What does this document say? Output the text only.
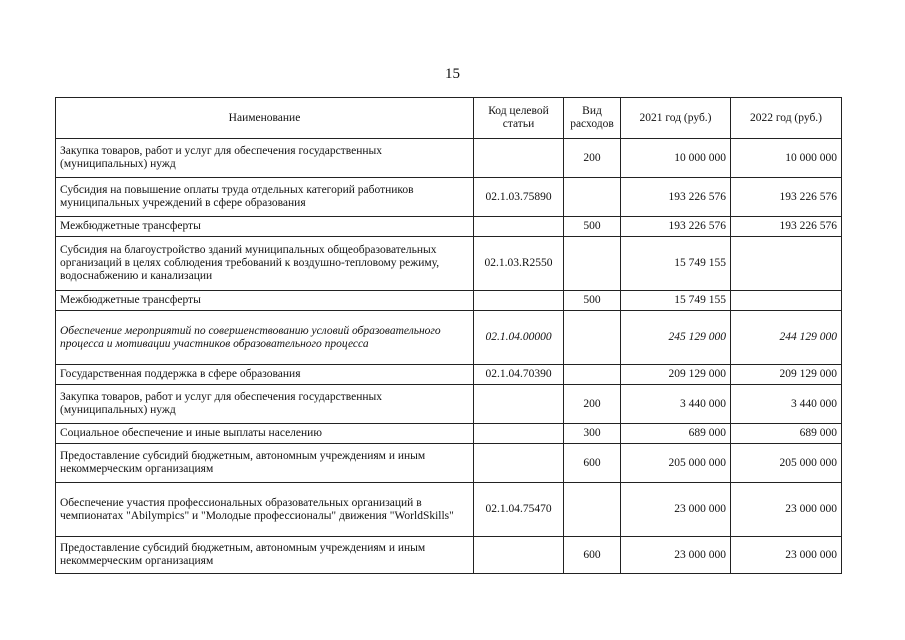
15
Наименование	Код целевой статьи	Вид расходов	2021 год (руб.)	2022 год (руб.)
Закупка товаров, работ и услуг для обеспечения государственных (муниципальных) нужд		200	10 000 000	10 000 000
Субсидия на повышение оплаты труда отдельных категорий работников муниципальных учреждений в сфере образования	02.1.03.75890		193 226 576	193 226 576
Межбюджетные трансферты		500	193 226 576	193 226 576
Субсидия на благоустройство зданий муниципальных общеобразовательных организаций в целях соблюдения требований к воздушно-тепловому режиму, водоснабжению и канализации	02.1.03.R2550		15 749 155	
Межбюджетные трансферты		500	15 749 155	
Обеспечение мероприятий по совершенствованию условий образовательного процесса и мотивации участников образовательного процесса	02.1.04.00000		245 129 000	244 129 000
Государственная поддержка в сфере образования	02.1.04.70390		209 129 000	209 129 000
Закупка товаров, работ и услуг для обеспечения государственных (муниципальных) нужд		200	3 440 000	3 440 000
Социальное обеспечение и иные выплаты населению		300	689 000	689 000
Предоставление субсидий бюджетным, автономным учреждениям и иным некоммерческим организациям		600	205 000 000	205 000 000
Обеспечение участия профессиональных образовательных организаций в чемпионатах "Abilympics" и "Молодые профессионалы" движения "WorldSkills"	02.1.04.75470		23 000 000	23 000 000
Предоставление субсидий бюджетным, автономным учреждениям и иным некоммерческим организациям		600	23 000 000	23 000 000
